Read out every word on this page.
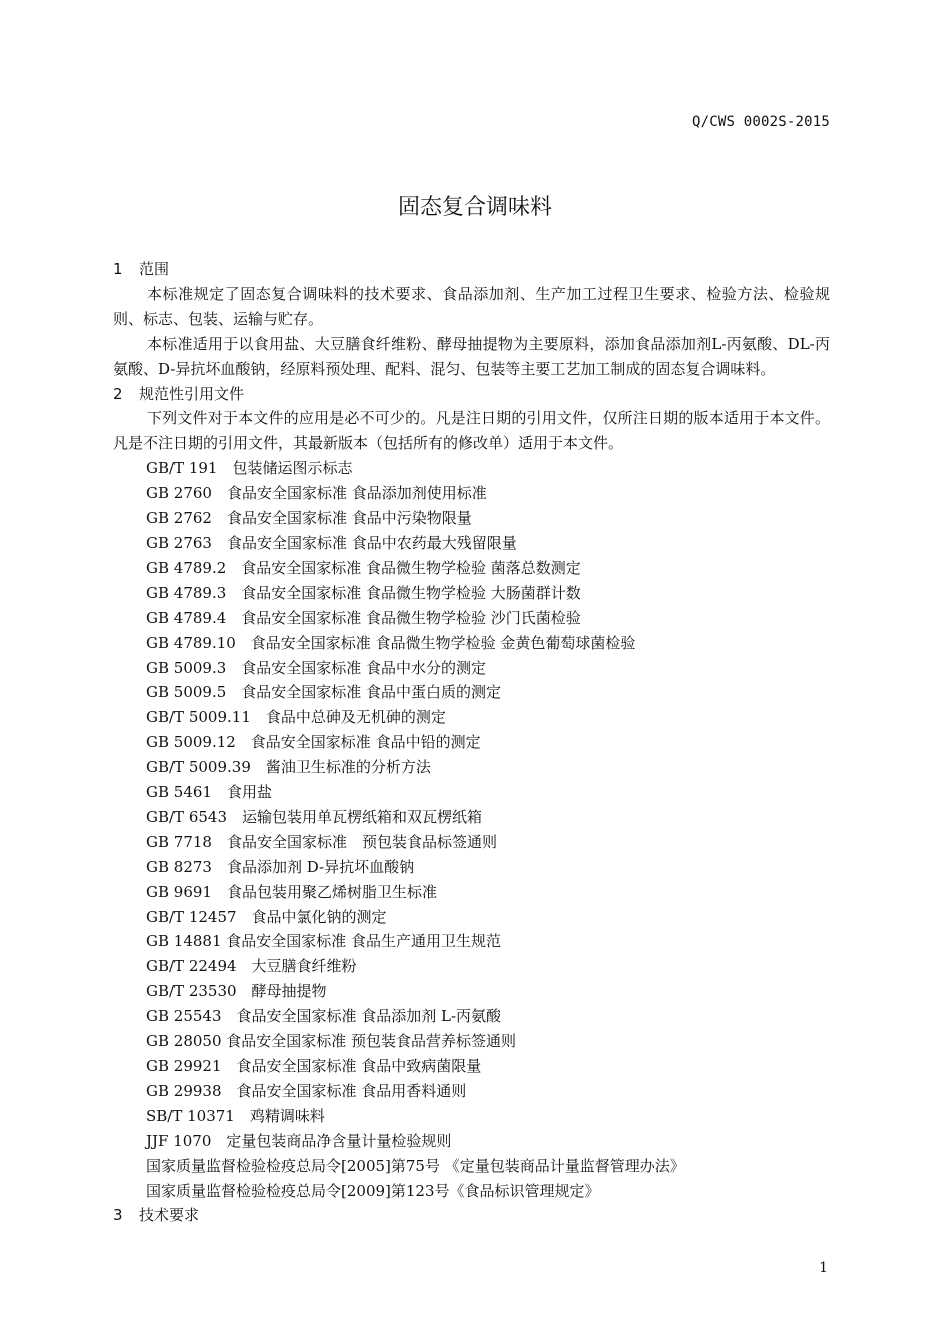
Q/CWS 0002S-2015
固态复合调味料
1 范围

本标准规定了固态复合调味料的技术要求、食品添加剂、生产加工过程卫生要求、检验方法、检验规则、标志、包装、运输与贮存。

本标准适用于以食用盐、大豆膳食纤维粉、酵母抽提物为主要原料，添加食品添加剂L-丙氨酸、DL-丙氨酸、D-异抗坏血酸钠，经原料预处理、配料、混匀、包装等主要工艺加工制成的固态复合调味料。

2 规范性引用文件

下列文件对于本文件的应用是必不可少的。凡是注日期的引用文件，仅所注日期的版本适用于本文件。凡是不注日期的引用文件，其最新版本（包括所有的修改单）适用于本文件。

GB/T 191　包装储运图示标志
GB 2760　食品安全国家标准 食品添加剂使用标准
GB 2762　食品安全国家标准 食品中污染物限量
GB 2763　食品安全国家标准 食品中农药最大残留限量
GB 4789.2　食品安全国家标准 食品微生物学检验 菌落总数测定
GB 4789.3　食品安全国家标准 食品微生物学检验 大肠菌群计数
GB 4789.4　食品安全国家标准 食品微生物学检验 沙门氏菌检验
GB 4789.10　食品安全国家标准 食品微生物学检验 金黄色葡萄球菌检验
GB 5009.3　食品安全国家标准 食品中水分的测定
GB 5009.5　食品安全国家标准 食品中蛋白质的测定
GB/T 5009.11　食品中总砷及无机砷的测定
GB 5009.12　食品安全国家标准 食品中铅的测定
GB/T 5009.39　酱油卫生标准的分析方法
GB 5461　食用盐
GB/T 6543　运输包装用单瓦楞纸箱和双瓦楞纸箱
GB 7718　食品安全国家标准　预包装食品标签通则
GB 8273　食品添加剂 D-异抗坏血酸钠
GB 9691　食品包装用聚乙烯树脂卫生标准
GB/T 12457　食品中氯化钠的测定
GB 14881 食品安全国家标准 食品生产通用卫生规范
GB/T 22494　大豆膳食纤维粉
GB/T 23530　酵母抽提物
GB 25543　食品安全国家标准 食品添加剂 L-丙氨酸
GB 28050 食品安全国家标准 预包装食品营养标签通则
GB 29921　食品安全国家标准 食品中致病菌限量
GB 29938　食品安全国家标准 食品用香料通则
SB/T 10371　鸡精调味料
JJF 1070　定量包装商品净含量计量检验规则
国家质量监督检验检疫总局令[2005]第75号 《定量包装商品计量监督管理办法》
国家质量监督检验检疫总局令[2009]第123号《食品标识管理规定》
3 技术要求
1
